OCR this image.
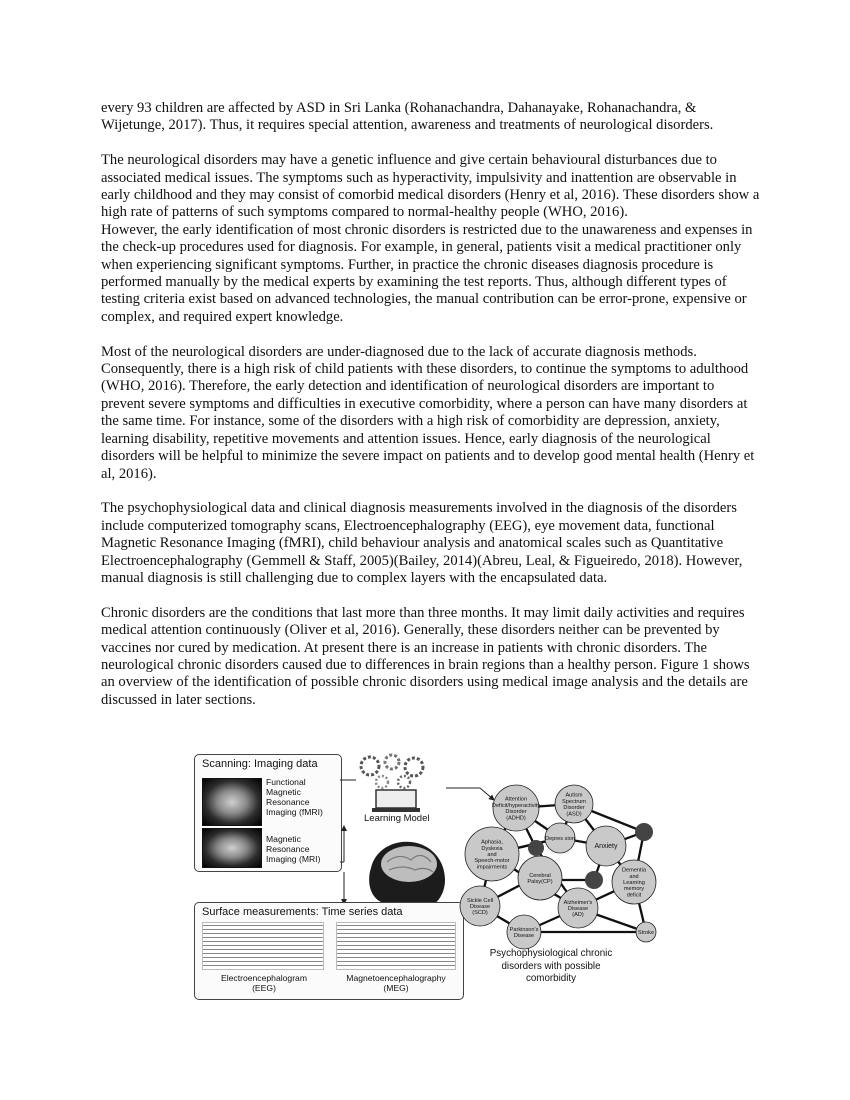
every 93 children are affected by ASD in Sri Lanka (Rohanachandra, Dahanayake, Rohanachandra, & Wijetunge, 2017). Thus, it requires special attention, awareness and treatments of neurological disorders.

The neurological disorders may have a genetic influence and give certain behavioural disturbances due to associated medical issues. The symptoms such as hyperactivity, impulsivity and inattention are observable in early childhood and they may consist of comorbid medical disorders (Henry et al, 2016). These disorders show a high rate of patterns of such symptoms compared to normal-healthy people (WHO, 2016).

However, the early identification of most chronic disorders is restricted due to the unawareness and expenses in the check-up procedures used for diagnosis. For example, in general, patients visit a medical practitioner only when experiencing significant symptoms. Further, in practice the chronic diseases diagnosis procedure is performed manually by the medical experts by examining the test reports. Thus, although different types of testing criteria exist based on advanced technologies, the manual contribution can be error-prone, expensive or complex, and required expert knowledge.

Most of the neurological disorders are under-diagnosed due to the lack of accurate diagnosis methods. Consequently, there is a high risk of child patients with these disorders, to continue the symptoms to adulthood (WHO, 2016). Therefore, the early detection and identification of neurological disorders are important to prevent severe symptoms and difficulties in executive comorbidity, where a person can have many disorders at the same time. For instance, some of the disorders with a high risk of comorbidity are depression, anxiety, learning disability, repetitive movements and attention issues. Hence, early diagnosis of the neurological disorders will be helpful to minimize the severe impact on patients and to develop good mental health (Henry et al, 2016).

The psychophysiological data and clinical diagnosis measurements involved in the diagnosis of the disorders include computerized tomography scans, Electroencephalography (EEG), eye movement data, functional Magnetic Resonance Imaging (fMRI), child behaviour analysis and anatomical scales such as Quantitative Electroencephalography (Gemmell & Staff, 2005)(Bailey, 2014)(Abreu, Leal, & Figueiredo, 2018). However, manual diagnosis is still challenging due to complex layers with the encapsulated data.

Chronic disorders are the conditions that last more than three months. It may limit daily activities and requires medical attention continuously (Oliver et al, 2016). Generally, these disorders neither can be prevented by vaccines nor cured by medication. At present there is an increase in patients with chronic disorders. The neurological chronic disorders caused due to differences in brain regions than a healthy person. Figure 1 shows an overview of the identification of possible chronic disorders using medical image analysis and the details are discussed in later sections.

Scanning: Imaging data
Functional Magnetic Resonance Imaging (fMRI)
Magnetic Resonance Imaging (MRI)
Learning Model
Surface measurements: Time series data
Electroencephalogram (EEG)
Magnetoencephalography (MEG)
Attention Deficit/hyperactivity Disorder (ADHD)
Autism Spectrum Disorder (ASD)
Depres sion
Anxiety
Aphasia, Dyslexia and Speech-motor impairments
Cerebral Palsy(CP)
Dementia and Learning memory deficit
Sickle Cell Disease (SCD)
Alzheimer's Disease (AD)
Parkinson's Disease
Stroke
Psychophysiological chronic disorders with possible comorbidity
